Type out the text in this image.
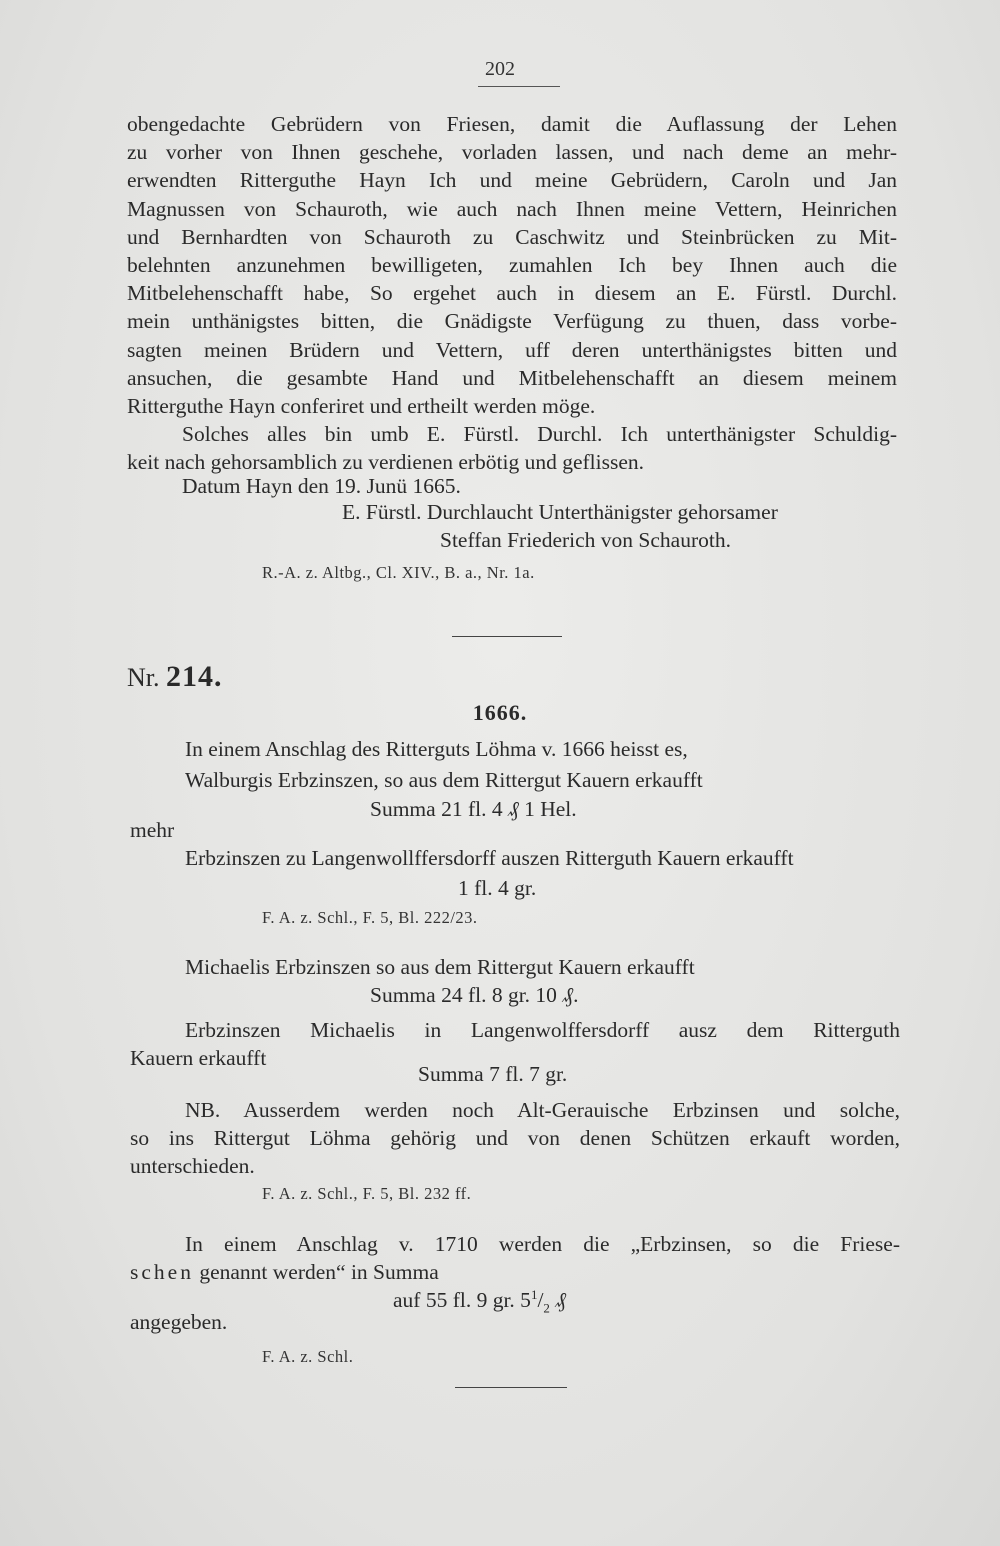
202

obengedachte Gebrüdern von Friesen, damit die Auflassung der Lehen

zu vorher von Ihnen geschehe, vorladen lassen, und nach deme an mehr-

erwendten Ritterguthe Hayn Ich und meine Gebrüdern, Caroln und Jan

Magnussen von Schauroth, wie auch nach Ihnen meine Vettern, Heinrichen

und Bernhardten von Schauroth zu Caschwitz und Steinbrücken zu Mit-

belehnten anzunehmen bewilligeten, zumahlen Ich bey Ihnen auch die

Mitbelehenschafft habe, So ergehet auch in diesem an E. Fürstl. Durchl.

mein unthänigstes bitten, die Gnädigste Verfügung zu thuen, dass vorbe-

sagten meinen Brüdern und Vettern, uff deren unterthänigstes bitten und

ansuchen, die gesambte Hand und Mitbelehenschafft an diesem meinem

Ritterguthe Hayn conferiret und ertheilt werden möge.

Solches alles bin umb E. Fürstl. Durchl. Ich unterthänigster Schuldig-

keit nach gehorsamblich zu verdienen erbötig und geflissen.

Datum Hayn den 19. Junü 1665.
E. Fürstl. Durchlaucht Unterthänigster gehorsamer
Steffan Friederich von Schauroth.
R.-A. z. Altbg., Cl. XIV., B. a., Nr. 1a.
Nr. 214.
1666.
In einem Anschlag des Ritterguts Löhma v. 1666 heisst es,
Walburgis Erbzinszen, so aus dem Rittergut Kauern erkaufft
Summa 21 fl. 4 ₰ 1 Hel.
mehr
Erbzinszen zu Langenwollffersdorff auszen Ritterguth Kauern erkaufft
1 fl. 4 gr.
F. A. z. Schl., F. 5, Bl. 222/23.
Michaelis Erbzinszen so aus dem Rittergut Kauern erkaufft
Summa 24 fl. 8 gr. 10 ₰.

Erbzinszen Michaelis in Langenwolffersdorff ausz dem Ritterguth

Kauern erkaufft

Summa 7 fl. 7 gr.

NB. Ausserdem werden noch Alt-Gerauische Erbzinsen und solche,

so ins Rittergut Löhma gehörig und von denen Schützen erkauft worden,

unterschieden.

F. A. z. Schl., F. 5, Bl. 232 ff.

In einem Anschlag v. 1710 werden die „Erbzinsen, so die Friese-

schen genannt werden“ in Summa

auf 55 fl. 9 gr. $5^1/_2$ ₰
angegeben.
F. A. z. Schl.
